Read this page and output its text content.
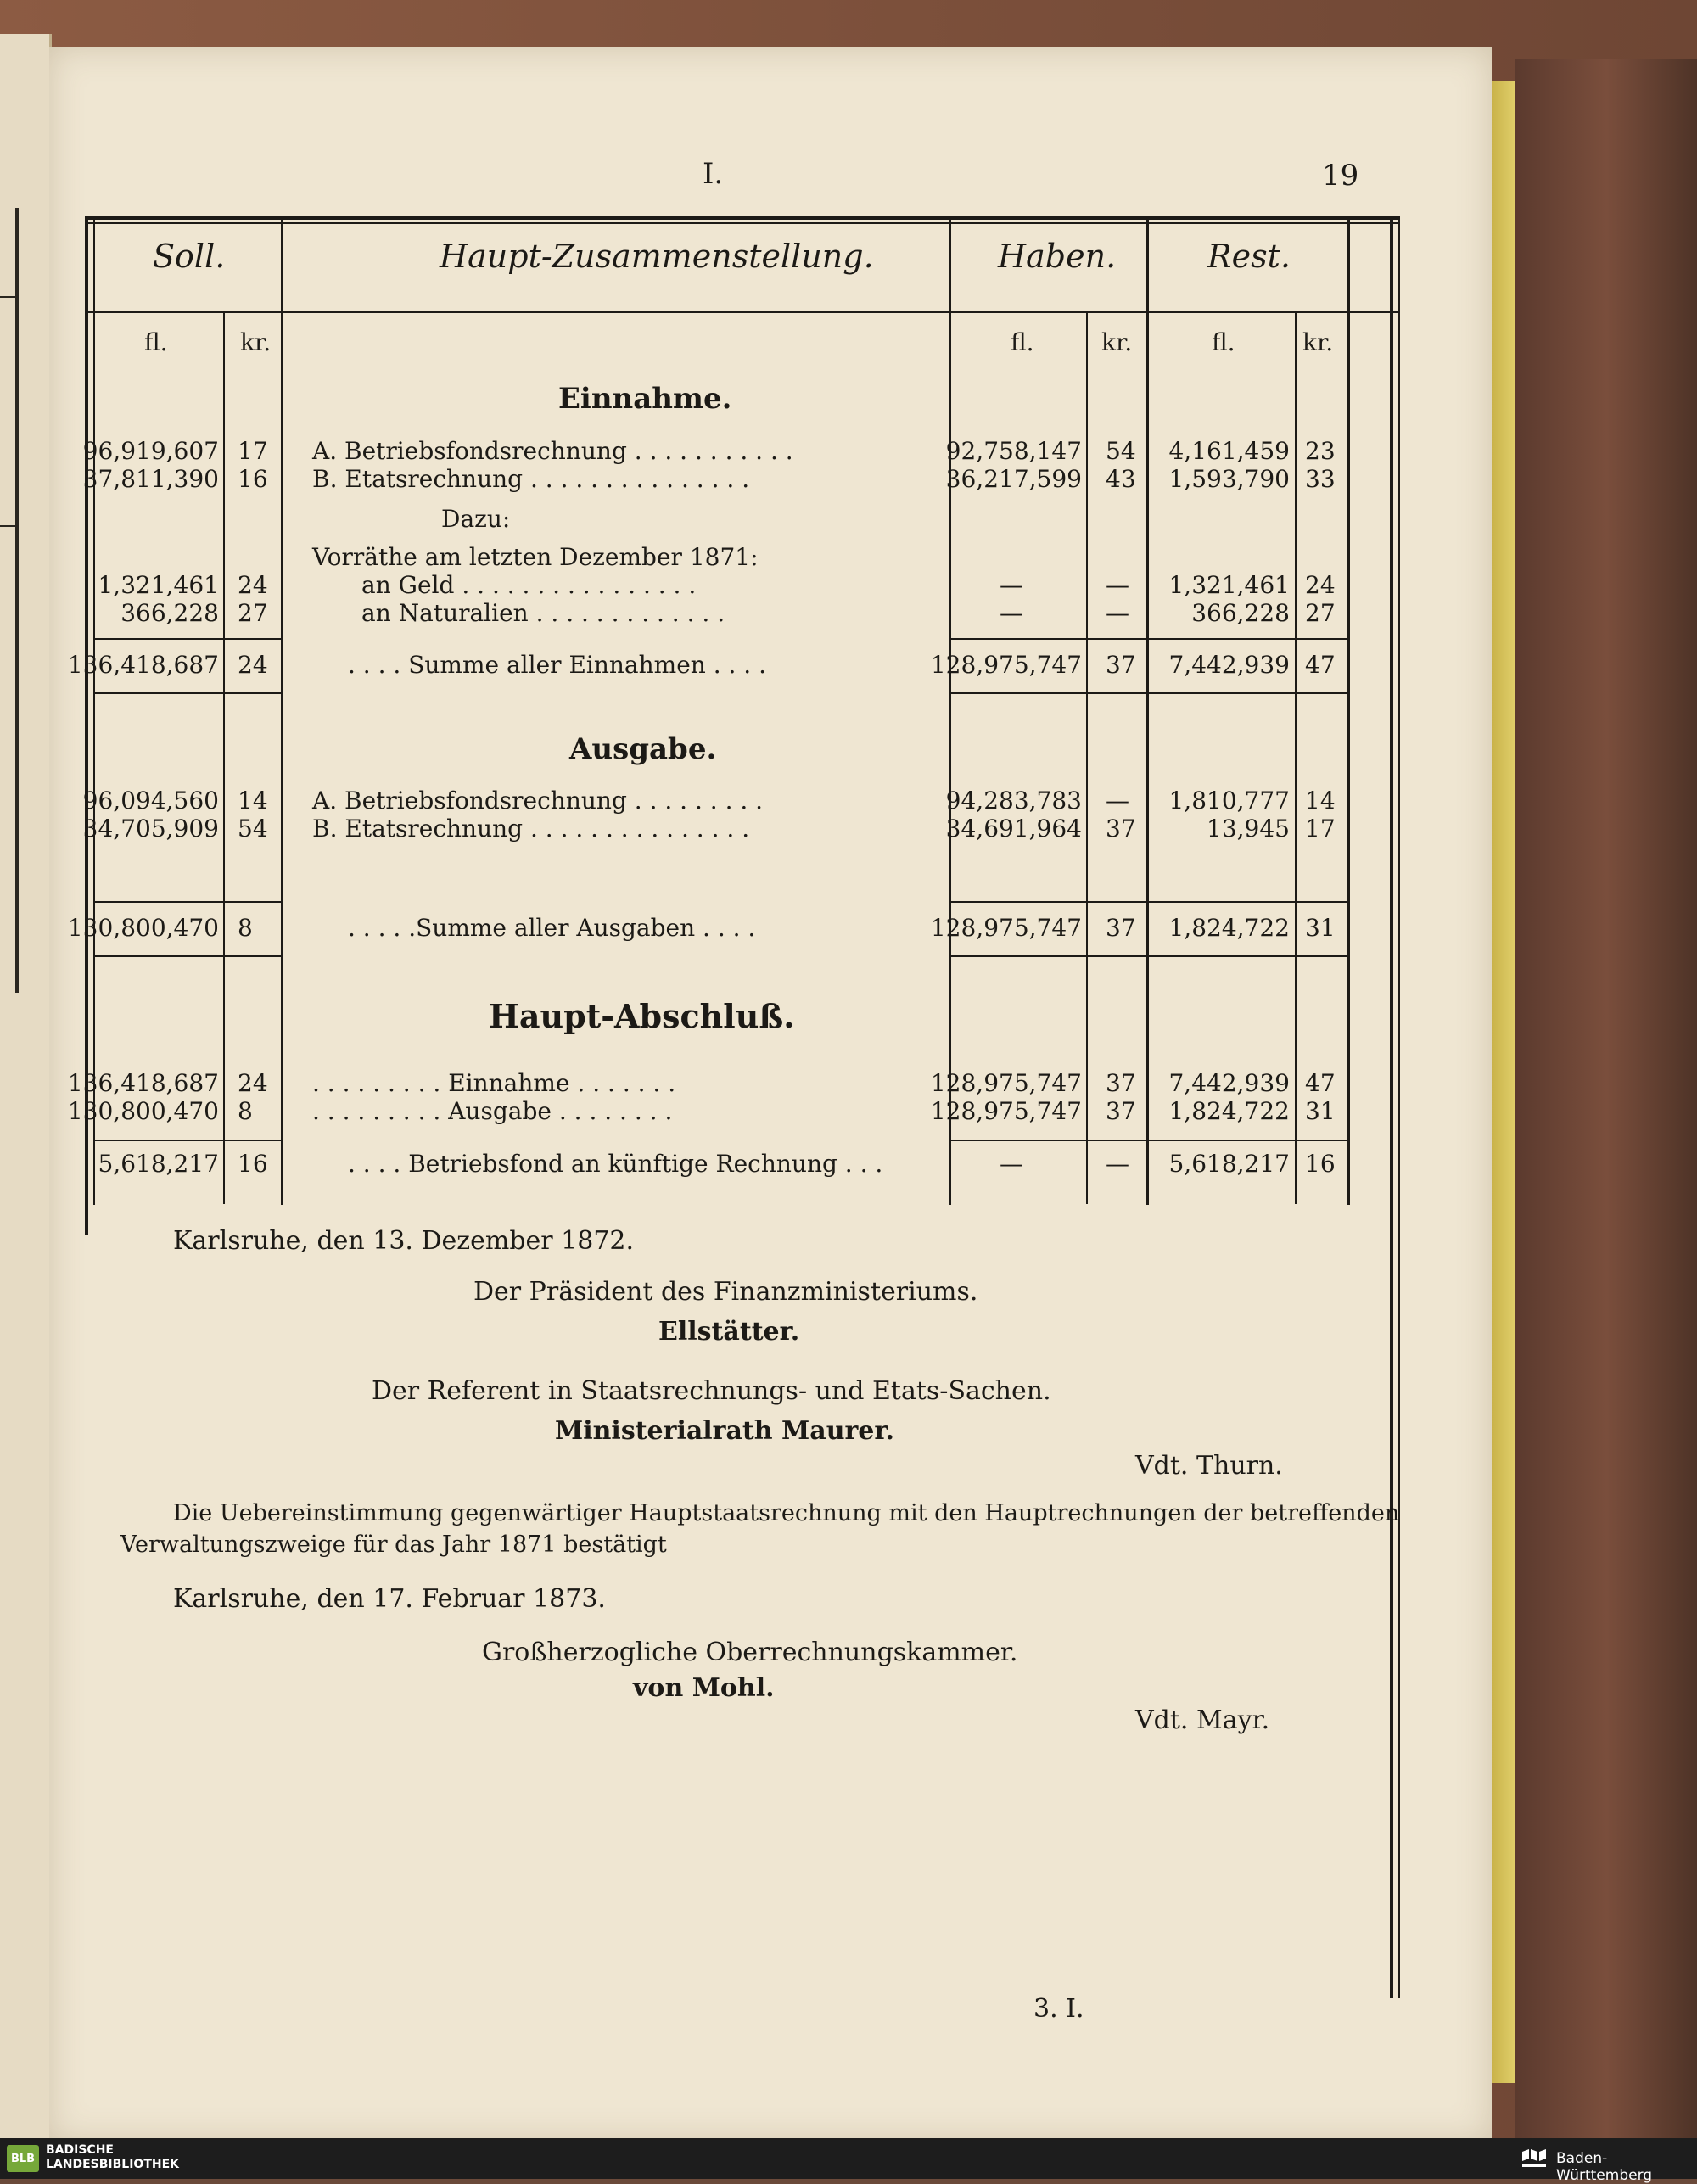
I.	19
Soll.	Haupt-Zusammenstellung.	Haben.	Rest.
fl.	kr.	fl.	kr.	fl.	kr.
Einnahme.
96,919,607 17 A. Betriebsfondsrechnung . . . . . . . . . . .	92,758,147 54 4,161,459 23
37,811,390 16 B. Etatsrechnung . . . . . . . . . . . . . . .	36,217,599 43 1,593,790 33
Dazu:
Vorräthe am letzten Dezember 1871:
1,321,461 24	an Geld . . . . . . . . . . . . . . . .	—	— 1,321,461 24
366,228 27	an Naturalien . . . . . . . . . . . . .	—	—	366,228 27
136,418,687 24	. . . . Summe aller Einnahmen . . . .	128,975,747 37 7,442,939 47
Ausgabe.
96,094,560 14 A. Betriebsfondsrechnung . . . . . . . . .	94,283,783 — 1,810,777 14
34,705,909 54 B. Etatsrechnung . . . . . . . . . . . . . . .	34,691,964 37	13,945 17
130,800,470 8	. . . . .Summe aller Ausgaben . . . .	128,975,747 37 1,824,722 31
Haupt-Abschluß.
136,418,687 24 . . . . . . . . . Einnahme . . . . . . .	128,975,747 37 7,442,939 47
130,800,470 8	. . . . . . . . . Ausgabe . . . . . . . .	128,975,747 37 1,824,722 31
5,618,217 16	. . . . Betriebsfond an künftige Rechnung . . .	—	— 5,618,217 16
Karlsruhe, den 13. Dezember 1872.
Der Präsident des Finanzministeriums.
Ellstätter.
Der Referent in Staatsrechnungs- und Etats-Sachen.
Ministerialrath Maurer.
Vdt. Thurn.
Die Uebereinstimmung gegenwärtiger Hauptstaatsrechnung mit den Hauptrechnungen der betreffenden
Verwaltungszweige für das Jahr 1871 bestätigt
Karlsruhe, den 17. Februar 1873.
Großherzogliche Oberrechnungskammer.
von Mohl.
Vdt. Mayr.
3. I.
BLB
BADISCHE
LANDESBIBLIOTHEK	Baden-Württemberg
